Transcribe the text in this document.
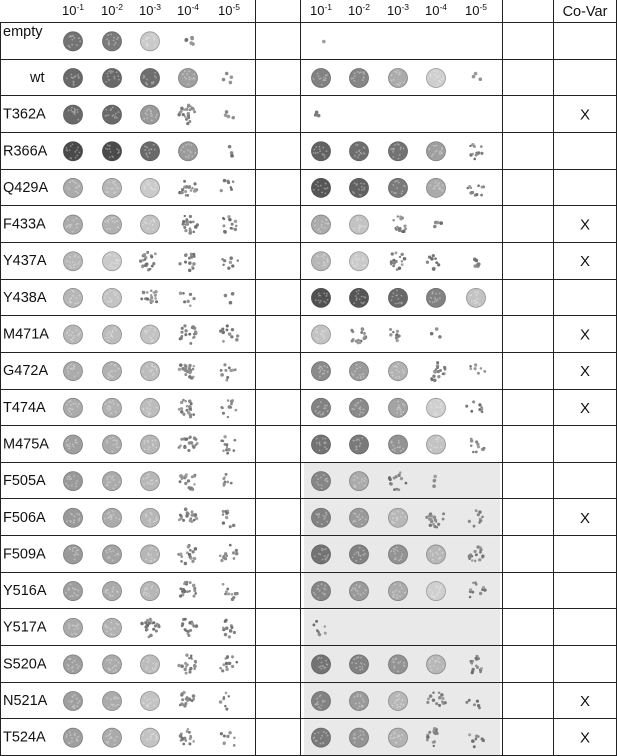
$10^{-1}$ $10^{-2}$ $10^{-3}$ $10^{-4}$ $10^{-5}$	$10^{-1}$ $10^{-2}$ $10^{-3}$ $10^{-4}$ $10^{-5}$
empty
wt
T362A
R366A
Q429A
F433A
Y437A
Y438A
M471A
G472A
T474A
M475A
F505A
F506A
F509A
Y516A
Y517A
S520A
N521A
T524A
Co-Var
X
X
X
X
X
X
X
X
X
